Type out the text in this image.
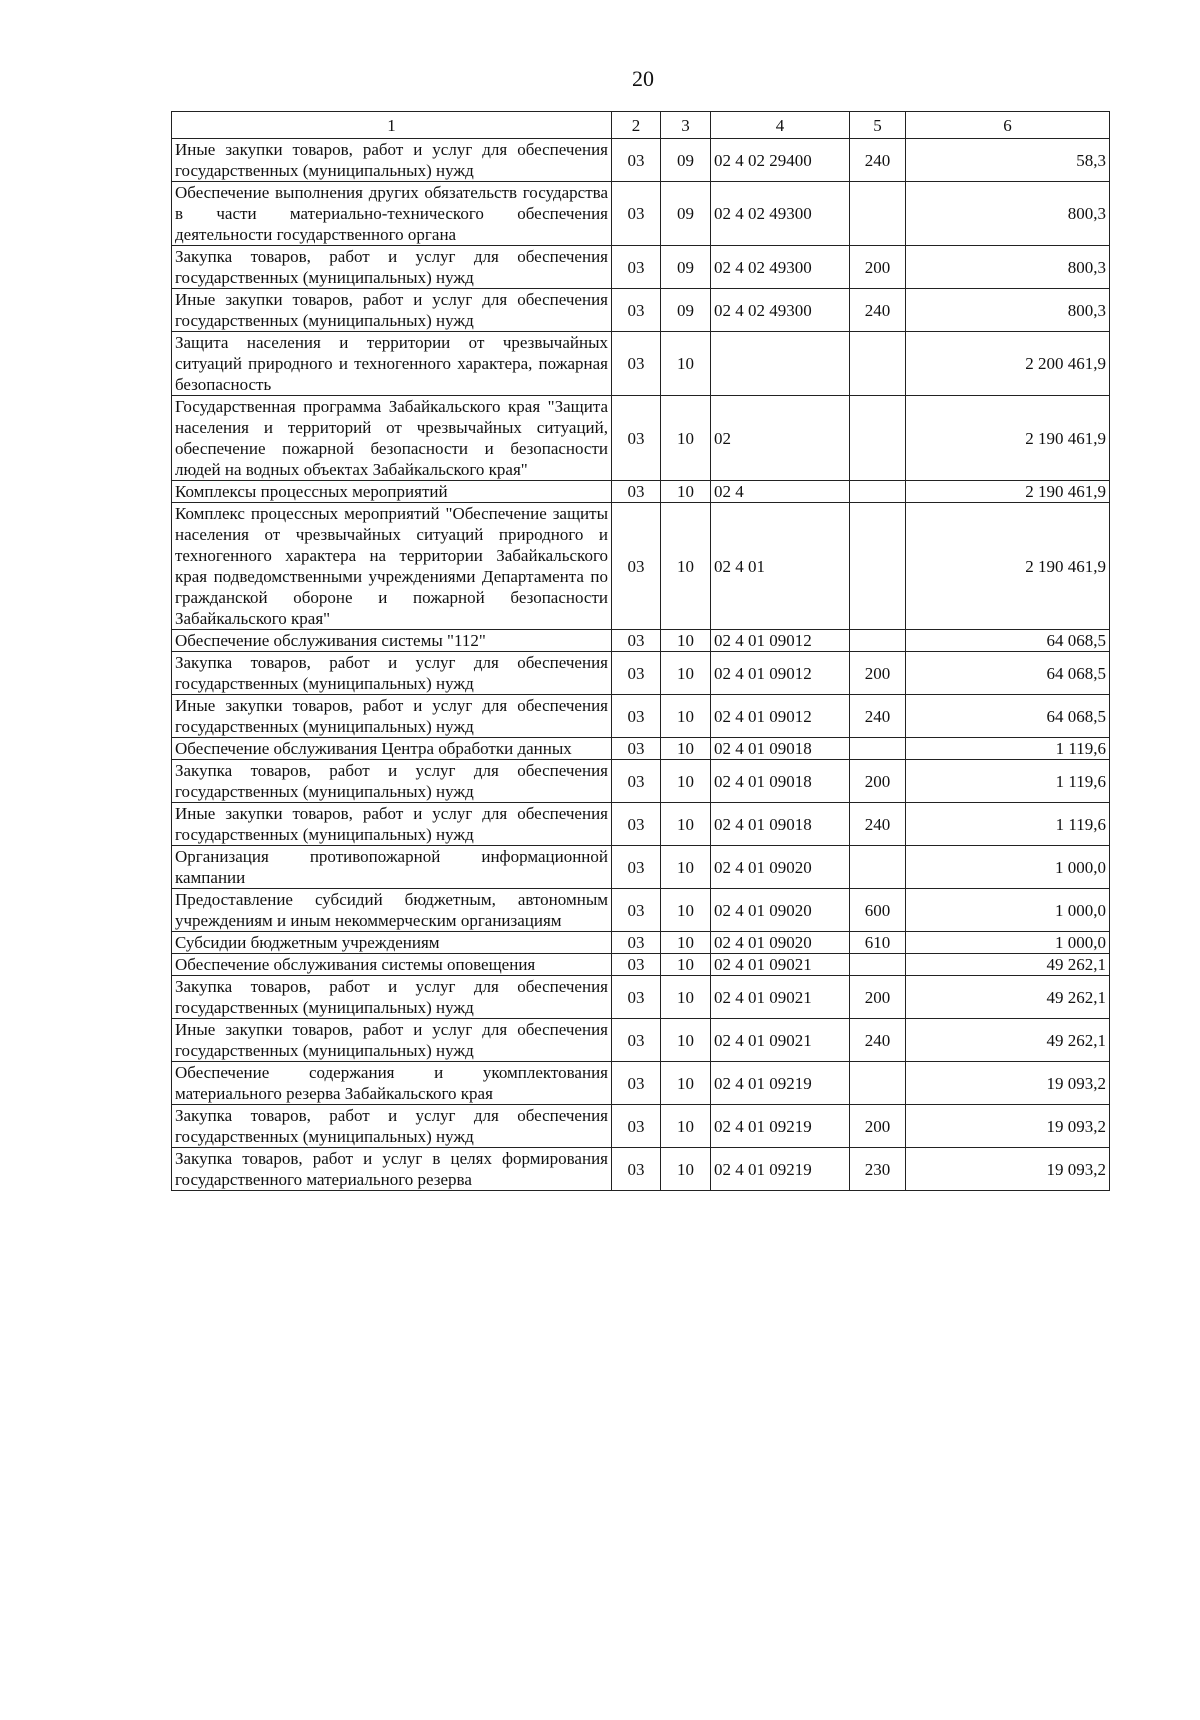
20
1	2	3	4	5	6
Иные закупки товаров, работ и услуг для обеспечения государственных (муниципальных) нужд	03	09	02 4 02 29400	240	58,3
Обеспечение выполнения других обязательств государства в части материально-технического обеспечения деятельности государственного органа	03	09	02 4 02 49300		800,3
Закупка товаров, работ и услуг для обеспечения государственных (муниципальных) нужд	03	09	02 4 02 49300	200	800,3
Иные закупки товаров, работ и услуг для обеспечения государственных (муниципальных) нужд	03	09	02 4 02 49300	240	800,3
Защита населения и территории от чрезвычайных ситуаций природного и техногенного характера, пожарная безопасность	03	10			2 200 461,9
Государственная программа Забайкальского края "Защита населения и территорий от чрезвычайных ситуаций, обеспечение пожарной безопасности и безопасности людей на водных объектах Забайкальского края"	03	10	02		2 190 461,9
Комплексы процессных мероприятий	03	10	02 4		2 190 461,9
Комплекс процессных мероприятий "Обеспечение защиты населения от чрезвычайных ситуаций природного и техногенного характера на территории Забайкальского края подведомственными учреждениями Департамента по гражданской обороне и пожарной безопасности Забайкальского края"	03	10	02 4 01		2 190 461,9
Обеспечение обслуживания системы "112"	03	10	02 4 01 09012		64 068,5
Закупка товаров, работ и услуг для обеспечения государственных (муниципальных) нужд	03	10	02 4 01 09012	200	64 068,5
Иные закупки товаров, работ и услуг для обеспечения государственных (муниципальных) нужд	03	10	02 4 01 09012	240	64 068,5
Обеспечение обслуживания Центра обработки данных	03	10	02 4 01 09018		1 119,6
Закупка товаров, работ и услуг для обеспечения государственных (муниципальных) нужд	03	10	02 4 01 09018	200	1 119,6
Иные закупки товаров, работ и услуг для обеспечения государственных (муниципальных) нужд	03	10	02 4 01 09018	240	1 119,6
Организация противопожарной информационной кампании	03	10	02 4 01 09020		1 000,0
Предоставление субсидий бюджетным, автономным учреждениям и иным некоммерческим организациям	03	10	02 4 01 09020	600	1 000,0
Субсидии бюджетным учреждениям	03	10	02 4 01 09020	610	1 000,0
Обеспечение обслуживания системы оповещения	03	10	02 4 01 09021		49 262,1
Закупка товаров, работ и услуг для обеспечения государственных (муниципальных) нужд	03	10	02 4 01 09021	200	49 262,1
Иные закупки товаров, работ и услуг для обеспечения государственных (муниципальных) нужд	03	10	02 4 01 09021	240	49 262,1
Обеспечение содержания и укомплектования материального резерва Забайкальского края	03	10	02 4 01 09219		19 093,2
Закупка товаров, работ и услуг для обеспечения государственных (муниципальных) нужд	03	10	02 4 01 09219	200	19 093,2
Закупка товаров, работ и услуг в целях формирования государственного материального резерва	03	10	02 4 01 09219	230	19 093,2
